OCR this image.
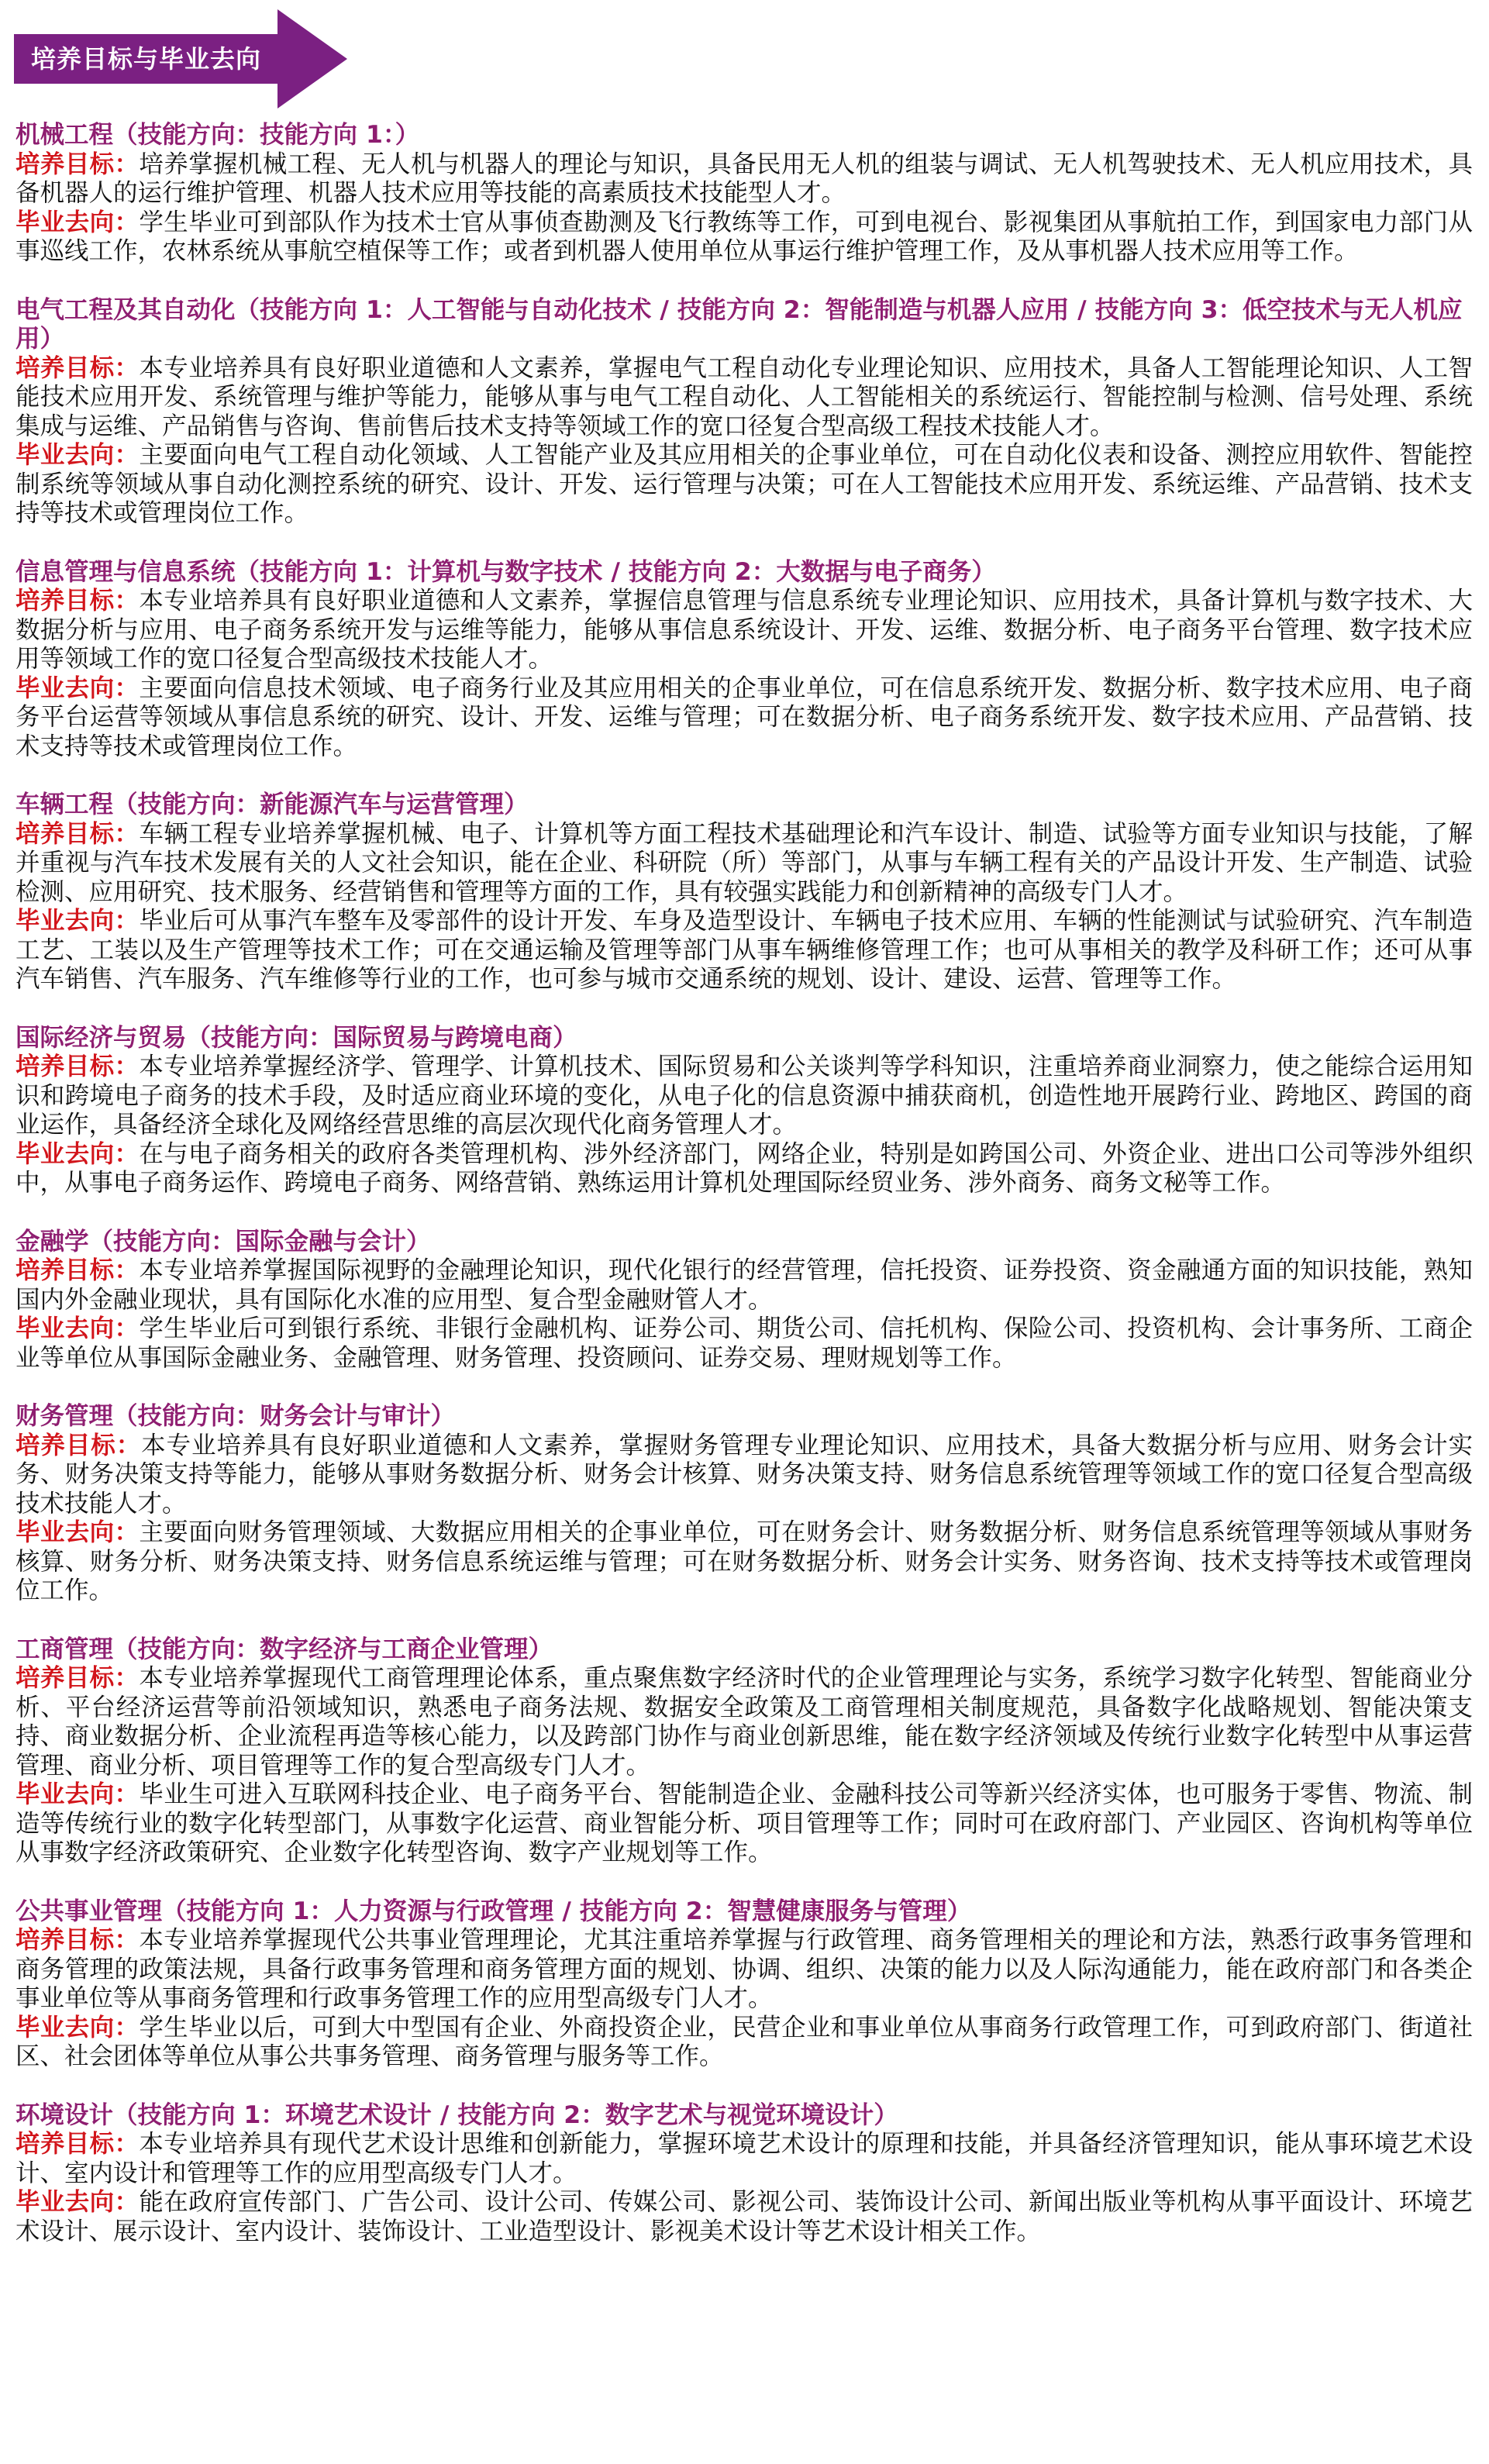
培养目标与毕业去向
机械工程（技能方向：技能方向 1：）
培养目标：培养掌握机械工程、无人机与机器人的理论与知识，具备民用无人机的组装与调试、无人机驾驶技术、无人机应用技术，具备机器人的运行维护管理、机器人技术应用等技能的高素质技术技能型人才。
毕业去向：学生毕业可到部队作为技术士官从事侦查勘测及飞行教练等工作，可到电视台、影视集团从事航拍工作，到国家电力部门从事巡线工作，农林系统从事航空植保等工作；或者到机器人使用单位从事运行维护管理工作，及从事机器人技术应用等工作。
电气工程及其自动化（技能方向 1：人工智能与自动化技术 / 技能方向 2：智能制造与机器人应用 / 技能方向 3：低空技术与无人机应用）
培养目标：本专业培养具有良好职业道德和人文素养，掌握电气工程自动化专业理论知识、应用技术，具备人工智能理论知识、人工智能技术应用开发、系统管理与维护等能力，能够从事与电气工程自动化、人工智能相关的系统运行、智能控制与检测、信号处理、系统集成与运维、产品销售与咨询、售前售后技术支持等领域工作的宽口径复合型高级工程技术技能人才。
毕业去向：主要面向电气工程自动化领域、人工智能产业及其应用相关的企事业单位，可在自动化仪表和设备、测控应用软件、智能控制系统等领域从事自动化测控系统的研究、设计、开发、运行管理与决策；可在人工智能技术应用开发、系统运维、产品营销、技术支持等技术或管理岗位工作。
信息管理与信息系统（技能方向 1：计算机与数字技术 / 技能方向 2：大数据与电子商务）
培养目标：本专业培养具有良好职业道德和人文素养，掌握信息管理与信息系统专业理论知识、应用技术，具备计算机与数字技术、大数据分析与应用、电子商务系统开发与运维等能力，能够从事信息系统设计、开发、运维、数据分析、电子商务平台管理、数字技术应用等领域工作的宽口径复合型高级技术技能人才。
毕业去向：主要面向信息技术领域、电子商务行业及其应用相关的企事业单位，可在信息系统开发、数据分析、数字技术应用、电子商务平台运营等领域从事信息系统的研究、设计、开发、运维与管理；可在数据分析、电子商务系统开发、数字技术应用、产品营销、技术支持等技术或管理岗位工作。
车辆工程（技能方向：新能源汽车与运营管理）
培养目标：车辆工程专业培养掌握机械、电子、计算机等方面工程技术基础理论和汽车设计、制造、试验等方面专业知识与技能，了解并重视与汽车技术发展有关的人文社会知识，能在企业、科研院（所）等部门，从事与车辆工程有关的产品设计开发、生产制造、试验检测、应用研究、技术服务、经营销售和管理等方面的工作，具有较强实践能力和创新精神的高级专门人才。
毕业去向：毕业后可从事汽车整车及零部件的设计开发、车身及造型设计、车辆电子技术应用、车辆的性能测试与试验研究、汽车制造工艺、工装以及生产管理等技术工作；可在交通运输及管理等部门从事车辆维修管理工作；也可从事相关的教学及科研工作；还可从事汽车销售、汽车服务、汽车维修等行业的工作，也可参与城市交通系统的规划、设计、建设、运营、管理等工作。
国际经济与贸易（技能方向：国际贸易与跨境电商）
培养目标：本专业培养掌握经济学、管理学、计算机技术、国际贸易和公关谈判等学科知识，注重培养商业洞察力，使之能综合运用知识和跨境电子商务的技术手段，及时适应商业环境的变化，从电子化的信息资源中捕获商机，创造性地开展跨行业、跨地区、跨国的商业运作，具备经济全球化及网络经营思维的高层次现代化商务管理人才。
毕业去向：在与电子商务相关的政府各类管理机构、涉外经济部门，网络企业，特别是如跨国公司、外资企业、进出口公司等涉外组织中，从事电子商务运作、跨境电子商务、网络营销、熟练运用计算机处理国际经贸业务、涉外商务、商务文秘等工作。
金融学（技能方向：国际金融与会计）
培养目标：本专业培养掌握国际视野的金融理论知识，现代化银行的经营管理，信托投资、证券投资、资金融通方面的知识技能，熟知国内外金融业现状，具有国际化水准的应用型、复合型金融财管人才。
毕业去向：学生毕业后可到银行系统、非银行金融机构、证券公司、期货公司、信托机构、保险公司、投资机构、会计事务所、工商企业等单位从事国际金融业务、金融管理、财务管理、投资顾问、证券交易、理财规划等工作。
财务管理（技能方向：财务会计与审计）
培养目标：本专业培养具有良好职业道德和人文素养，掌握财务管理专业理论知识、应用技术，具备大数据分析与应用、财务会计实务、财务决策支持等能力，能够从事财务数据分析、财务会计核算、财务决策支持、财务信息系统管理等领域工作的宽口径复合型高级技术技能人才。
毕业去向：主要面向财务管理领域、大数据应用相关的企事业单位，可在财务会计、财务数据分析、财务信息系统管理等领域从事财务核算、财务分析、财务决策支持、财务信息系统运维与管理；可在财务数据分析、财务会计实务、财务咨询、技术支持等技术或管理岗位工作。
工商管理（技能方向：数字经济与工商企业管理）
培养目标：本专业培养掌握现代工商管理理论体系，重点聚焦数字经济时代的企业管理理论与实务，系统学习数字化转型、智能商业分析、平台经济运营等前沿领域知识，熟悉电子商务法规、数据安全政策及工商管理相关制度规范，具备数字化战略规划、智能决策支持、商业数据分析、企业流程再造等核心能力，以及跨部门协作与商业创新思维，能在数字经济领域及传统行业数字化转型中从事运营管理、商业分析、项目管理等工作的复合型高级专门人才。
毕业去向：毕业生可进入互联网科技企业、电子商务平台、智能制造企业、金融科技公司等新兴经济实体，也可服务于零售、物流、制造等传统行业的数字化转型部门，从事数字化运营、商业智能分析、项目管理等工作；同时可在政府部门、产业园区、咨询机构等单位从事数字经济政策研究、企业数字化转型咨询、数字产业规划等工作。
公共事业管理（技能方向 1：人力资源与行政管理 / 技能方向 2：智慧健康服务与管理）
培养目标：本专业培养掌握现代公共事业管理理论，尤其注重培养掌握与行政管理、商务管理相关的理论和方法，熟悉行政事务管理和商务管理的政策法规，具备行政事务管理和商务管理方面的规划、协调、组织、决策的能力以及人际沟通能力，能在政府部门和各类企事业单位等从事商务管理和行政事务管理工作的应用型高级专门人才。
毕业去向：学生毕业以后，可到大中型国有企业、外商投资企业，民营企业和事业单位从事商务行政管理工作，可到政府部门、街道社区、社会团体等单位从事公共事务管理、商务管理与服务等工作。
环境设计（技能方向 1：环境艺术设计 / 技能方向 2：数字艺术与视觉环境设计）
培养目标：本专业培养具有现代艺术设计思维和创新能力，掌握环境艺术设计的原理和技能，并具备经济管理知识，能从事环境艺术设计、室内设计和管理等工作的应用型高级专门人才。
毕业去向：能在政府宣传部门、广告公司、设计公司、传媒公司、影视公司、装饰设计公司、新闻出版业等机构从事平面设计、环境艺术设计、展示设计、室内设计、装饰设计、工业造型设计、影视美术设计等艺术设计相关工作。
